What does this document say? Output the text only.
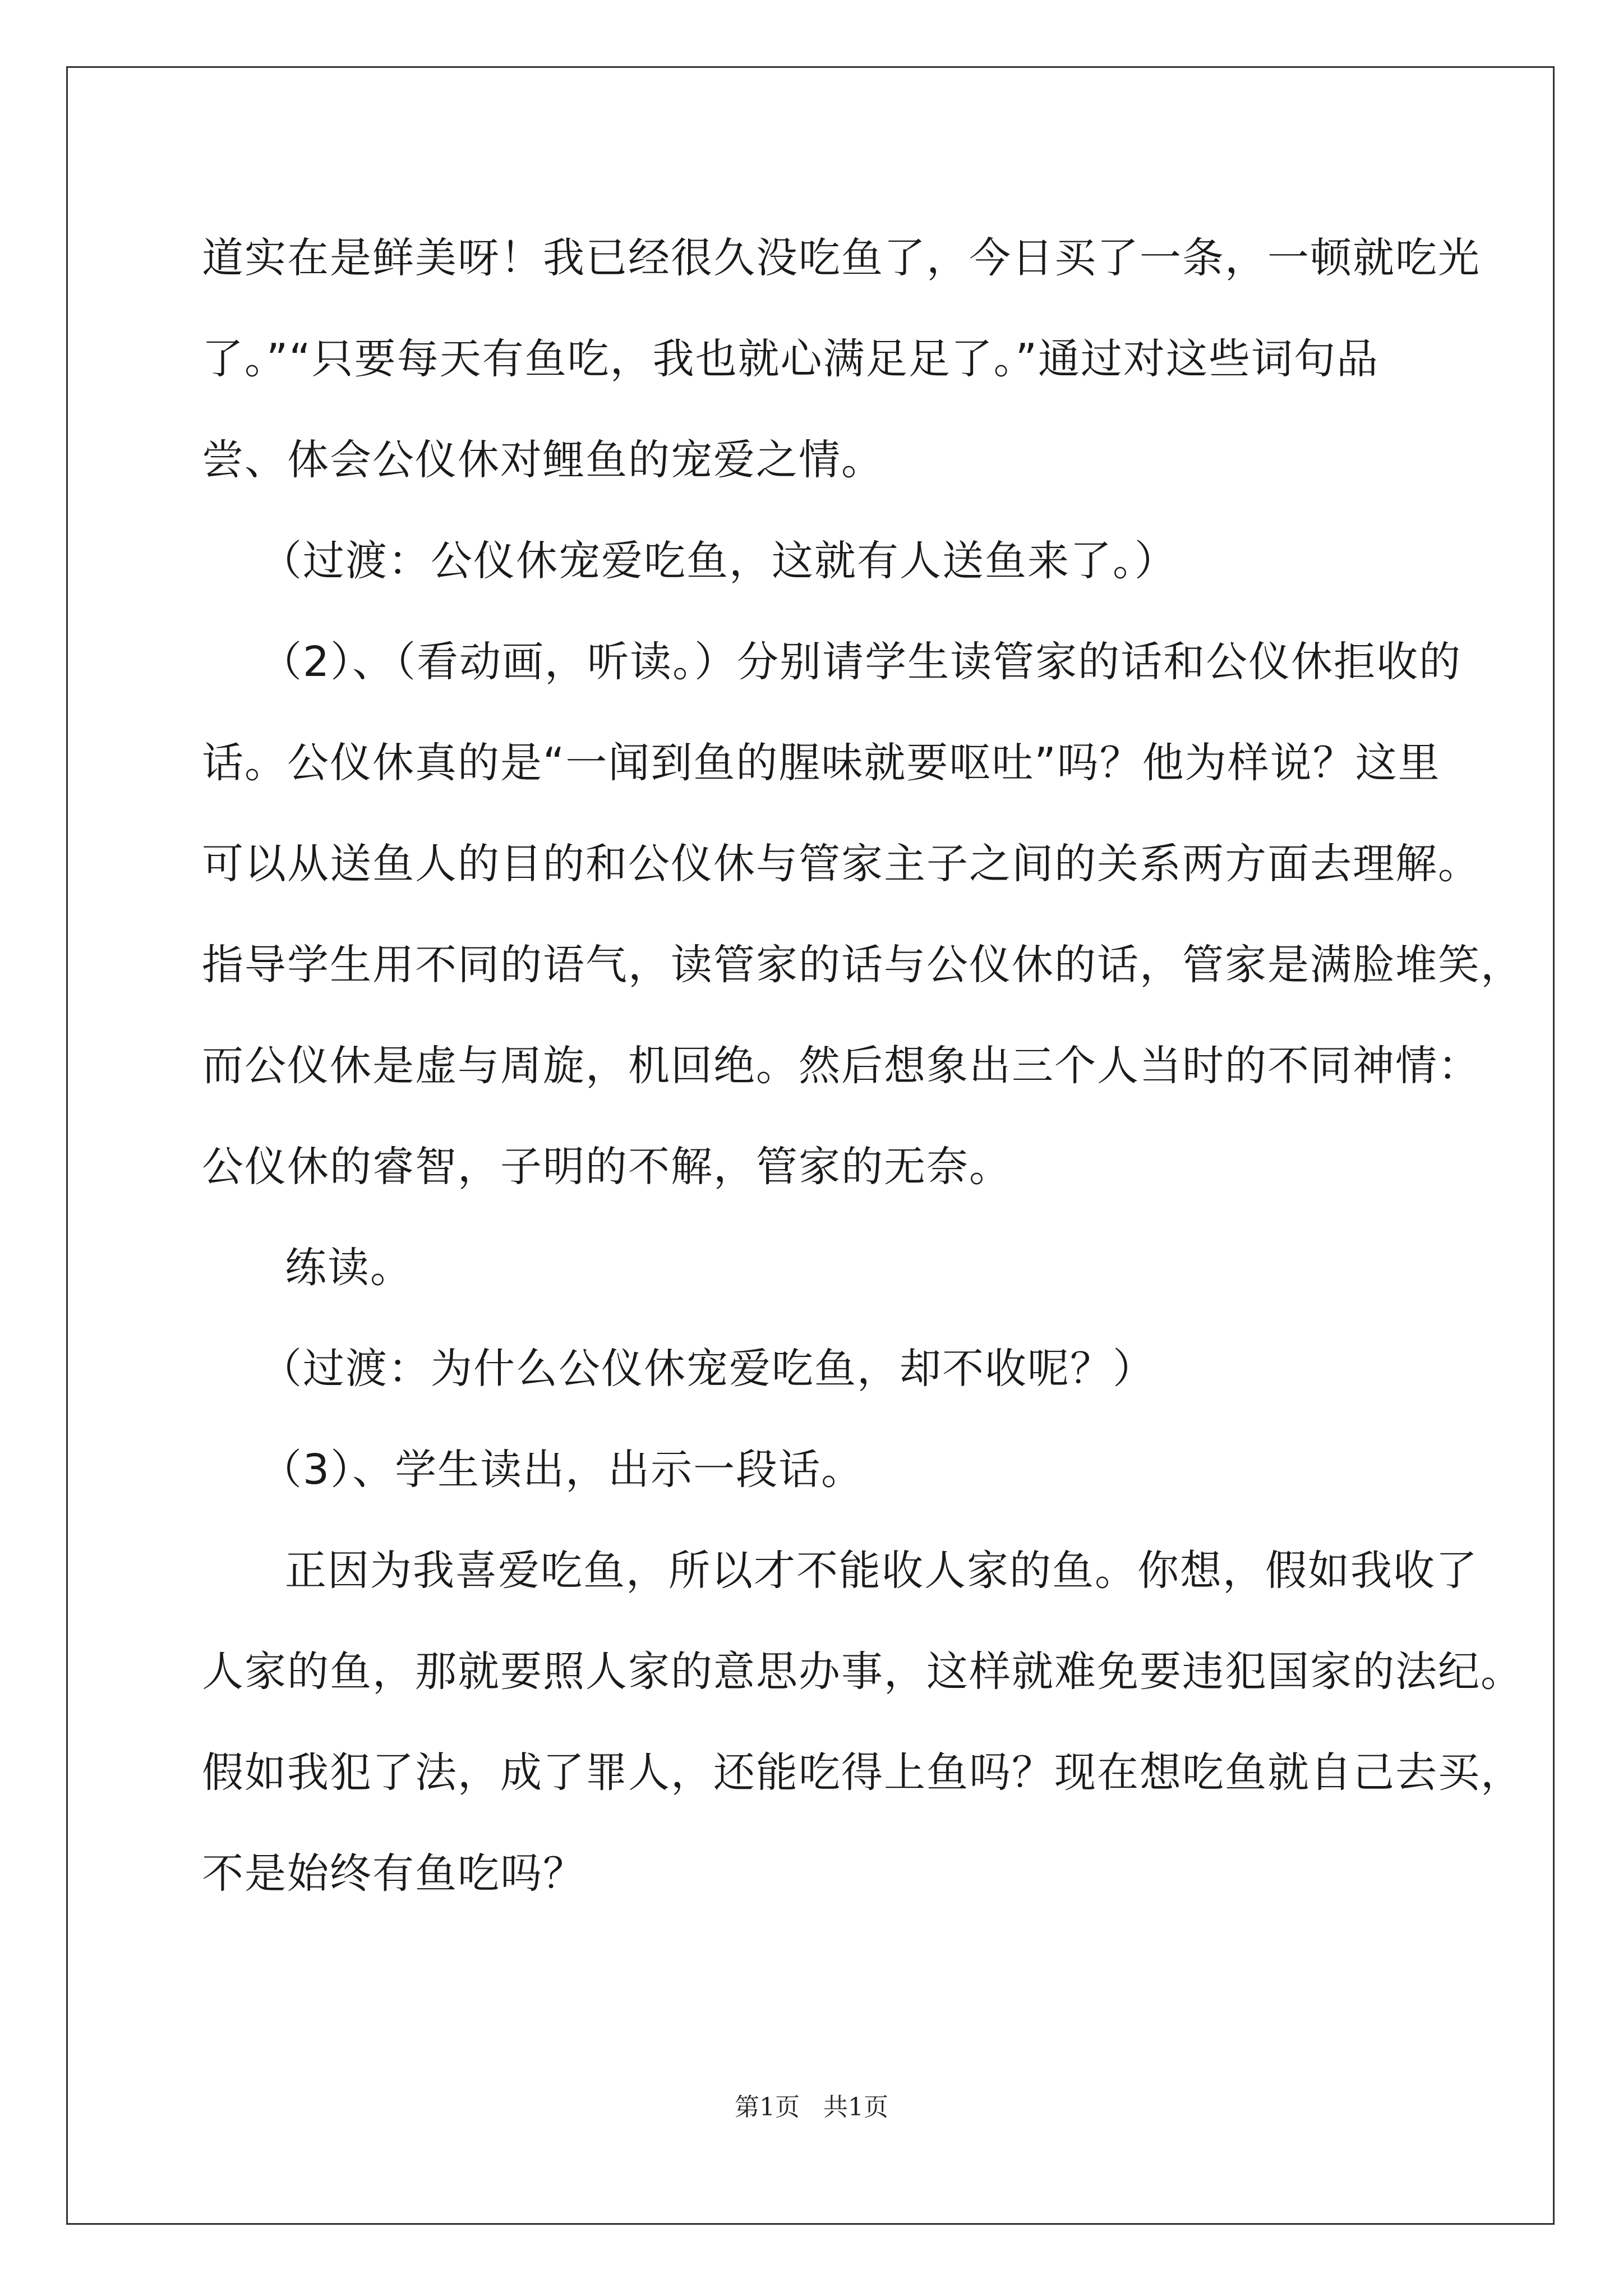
道实在是鲜美呀！我已经很久没吃鱼了，今日买了一条，一顿就吃光
了。”“只要每天有鱼吃，我也就心满足足了。”通过对这些词句品
尝、体会公仪休对鲤鱼的宠爱之情。
（过渡：公仪休宠爱吃鱼，这就有人送鱼来了。）
（2）、（看动画，听读。）分别请学生读管家的话和公仪休拒收的
话。公仪休真的是“一闻到鱼的腥味就要呕吐”吗？他为样说？这里
可以从送鱼人的目的和公仪休与管家主子之间的关系两方面去理解。
指导学生用不同的语气，读管家的话与公仪休的话，管家是满脸堆笑，
而公仪休是虚与周旋，机回绝。然后想象出三个人当时的不同神情：
公仪休的睿智，子明的不解，管家的无奈。
练读。
（过渡：为什么公仪休宠爱吃鱼，却不收呢？）
（3）、学生读出，出示一段话。
正因为我喜爱吃鱼，所以才不能收人家的鱼。你想，假如我收了
人家的鱼，那就要照人家的意思办事，这样就难免要违犯国家的法纪。
假如我犯了法，成了罪人，还能吃得上鱼吗？现在想吃鱼就自己去买，
不是始终有鱼吃吗？
第1页   共1页
